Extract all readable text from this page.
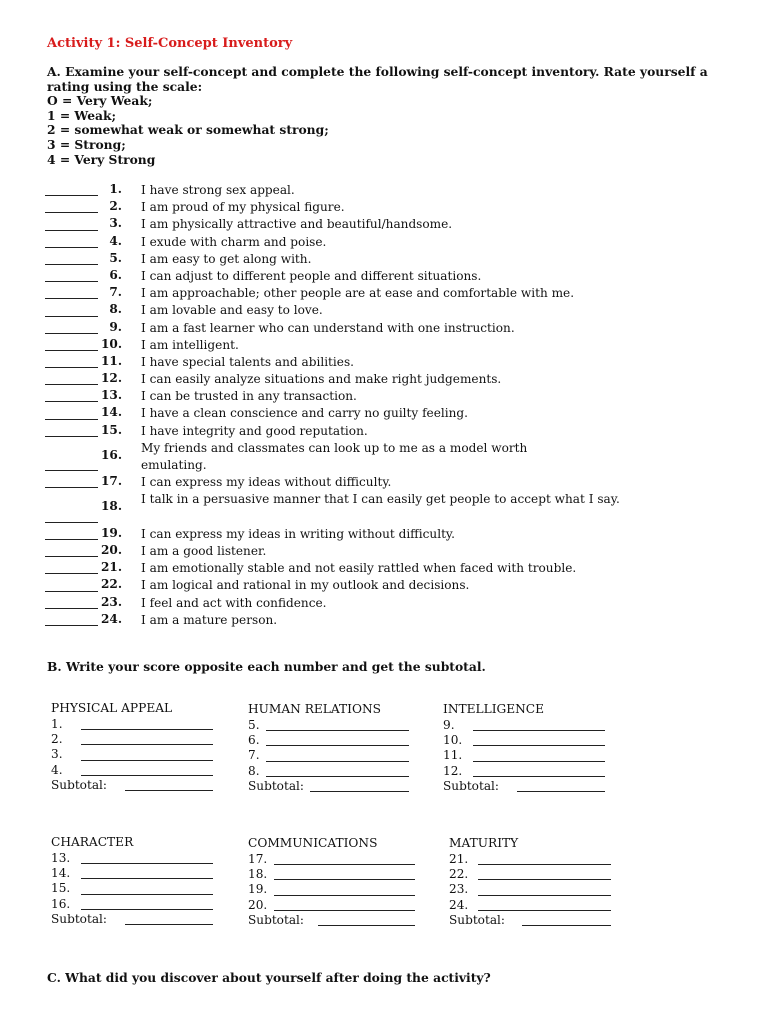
Activity 1: Self-Concept Inventory
A. Examine your self-concept and complete the following self-concept inventory. Rate yourself a
rating using the scale:
O = Very Weak;
1 = Weak;
2 = somewhat weak or somewhat strong;
3 = Strong;
4 = Very Strong
1. I have strong sex appeal.
2. I am proud of my physical figure.
3. I am physically attractive and beautiful/handsome.
4. I exude with charm and poise.
5. I am easy to get along with.
6. I can adjust to different people and different situations.
7. I am approachable; other people are at ease and comfortable with me.
8. I am lovable and easy to love.
9. I am a fast learner who can understand with one instruction.
10. I am intelligent.
11. I have special talents and abilities.
12. I can easily analyze situations and make right judgements.
13. I can be trusted in any transaction.
14. I have a clean conscience and carry no guilty feeling.
15. I have integrity and good reputation.
16. My friends and classmates can look up to me as a model worth emulating.
17. I can express my ideas without difficulty.
18. I talk in a persuasive manner that I can easily get people to accept what I say.
19. I can express my ideas in writing without difficulty.
20. I am a good listener.
21. I am emotionally stable and not easily rattled when faced with trouble.
22. I am logical and rational in my outlook and decisions.
23. I feel and act with confidence.
24. I am a mature person.
B. Write your score opposite each number and get the subtotal.
PHYSICAL APPEAL
1.
2.
3.
4.
Subtotal:
HUMAN RELATIONS
5.
6.
7.
8.
Subtotal:
INTELLIGENCE
9.
10.
11.
12.
Subtotal:
CHARACTER
13.
14.
15.
16.
Subtotal:
COMMUNICATIONS
17.
18.
19.
20.
Subtotal:
MATURITY
21.
22.
23.
24.
Subtotal:
C. What did you discover about yourself after doing the activity?
